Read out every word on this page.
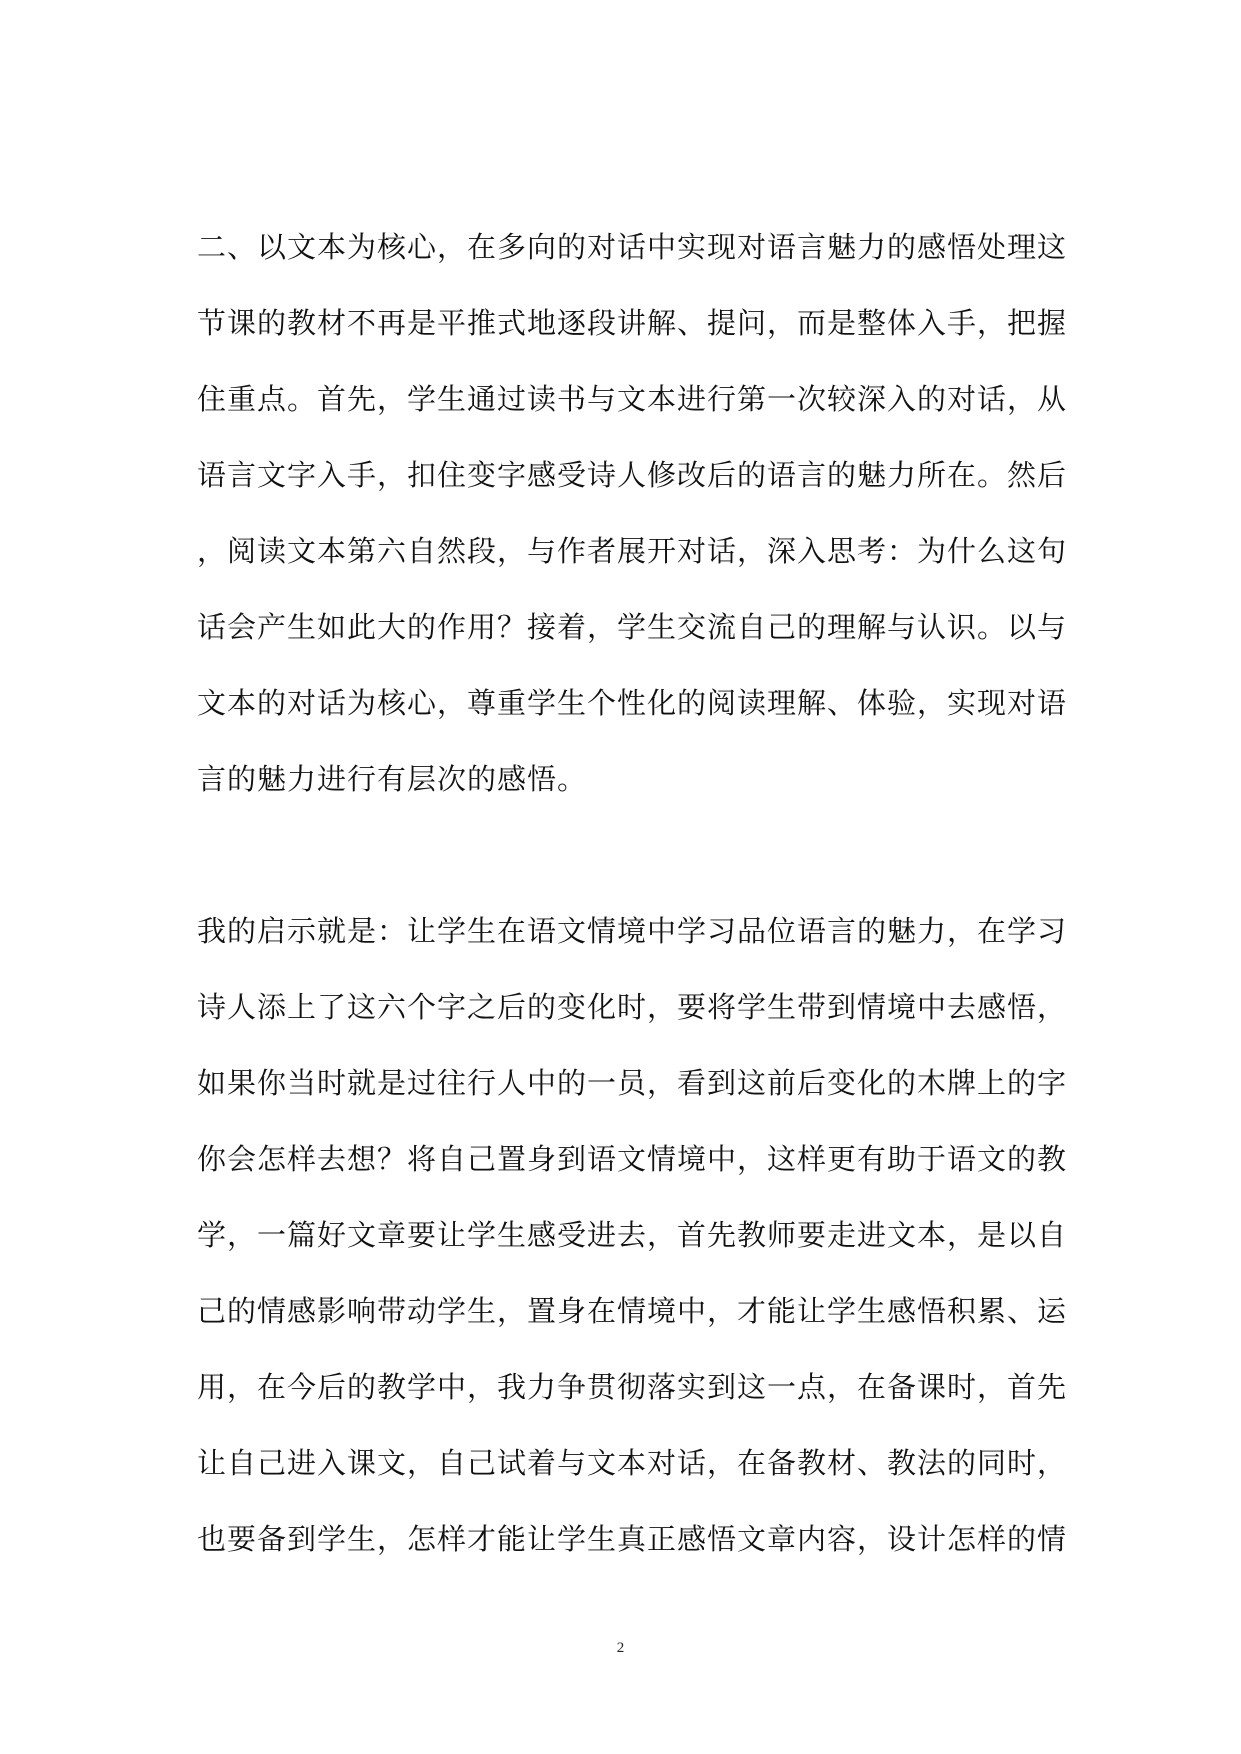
二、以文本为核心，在多向的对话中实现对语言魅力的感悟处理这
节课的教材不再是平推式地逐段讲解、提问，而是整体入手，把握
住重点。首先，学生通过读书与文本进行第一次较深入的对话，从
语言文字入手，扣住变字感受诗人修改后的语言的魅力所在。然后
，阅读文本第六自然段，与作者展开对话，深入思考：为什么这句
话会产生如此大的作用？接着，学生交流自己的理解与认识。以与
文本的对话为核心，尊重学生个性化的阅读理解、体验，实现对语
言的魅力进行有层次的感悟。
我的启示就是：让学生在语文情境中学习品位语言的魅力，在学习
诗人添上了这六个字之后的变化时，要将学生带到情境中去感悟，
如果你当时就是过往行人中的一员，看到这前后变化的木牌上的字
你会怎样去想？将自己置身到语文情境中，这样更有助于语文的教
学，一篇好文章要让学生感受进去，首先教师要走进文本，是以自
己的情感影响带动学生，置身在情境中，才能让学生感悟积累、运
用，在今后的教学中，我力争贯彻落实到这一点，在备课时，首先
让自己进入课文，自己试着与文本对话，在备教材、教法的同时，
也要备到学生，怎样才能让学生真正感悟文章内容，设计怎样的情
2
